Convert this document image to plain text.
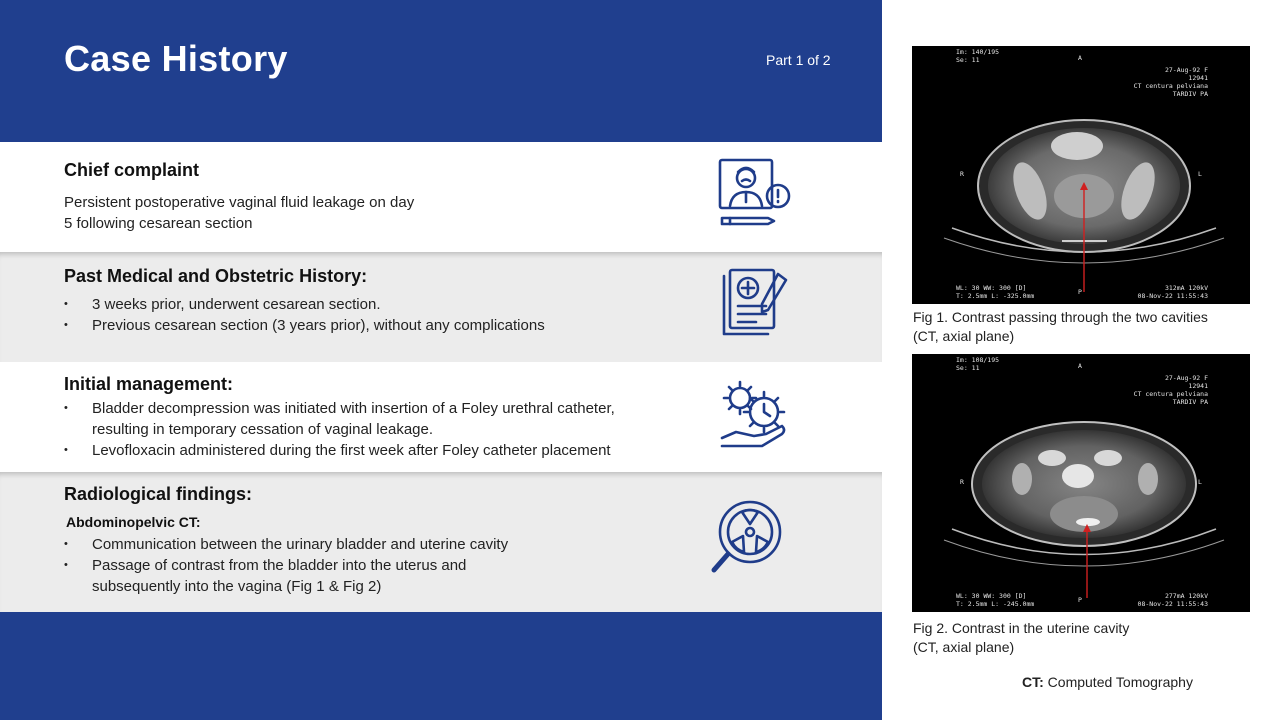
Case History	Part 1 of 2
Chief complaint
Persistent postoperative vaginal fluid leakage on day
5 following cesarean section
Past Medical and Obstetric History:
• 3 weeks prior, underwent cesarean section.
• Previous cesarean section (3 years prior), without any complications
Initial management:
• Bladder decompression was initiated with insertion of a Foley urethral catheter,
resulting in temporary cessation of vaginal leakage.
• Levofloxacin administered during the first week after Foley catheter placement
Radiological findings:
Abdominopelvic CT:
• Communication between the urinary bladder and uterine cavity
• Passage of contrast from the bladder into the uterus and
subsequently into the vagina (Fig 1 & Fig 2)
Im: 140/195
Se: 11	A
R	L
P
27-Aug-92 F
12941
CT centura pelviana
TARDIV PA
WL: 30 WW: 300 [D]
T: 2.5mm L: -325.0mm
312mA 120kV
08-Nov-22 11:55:43
Fig 1. Contrast passing through the two cavities
(CT, axial plane)
Im: 108/195
Se: 11	A
R	L
P
27-Aug-92 F
12941
CT centura pelviana
TARDIV PA
WL: 30 WW: 300 [D]
T: 2.5mm L: -245.0mm
277mA 120kV
08-Nov-22 11:55:43
Fig 2. Contrast in the uterine cavity
(CT, axial plane)
CT: Computed Tomography
